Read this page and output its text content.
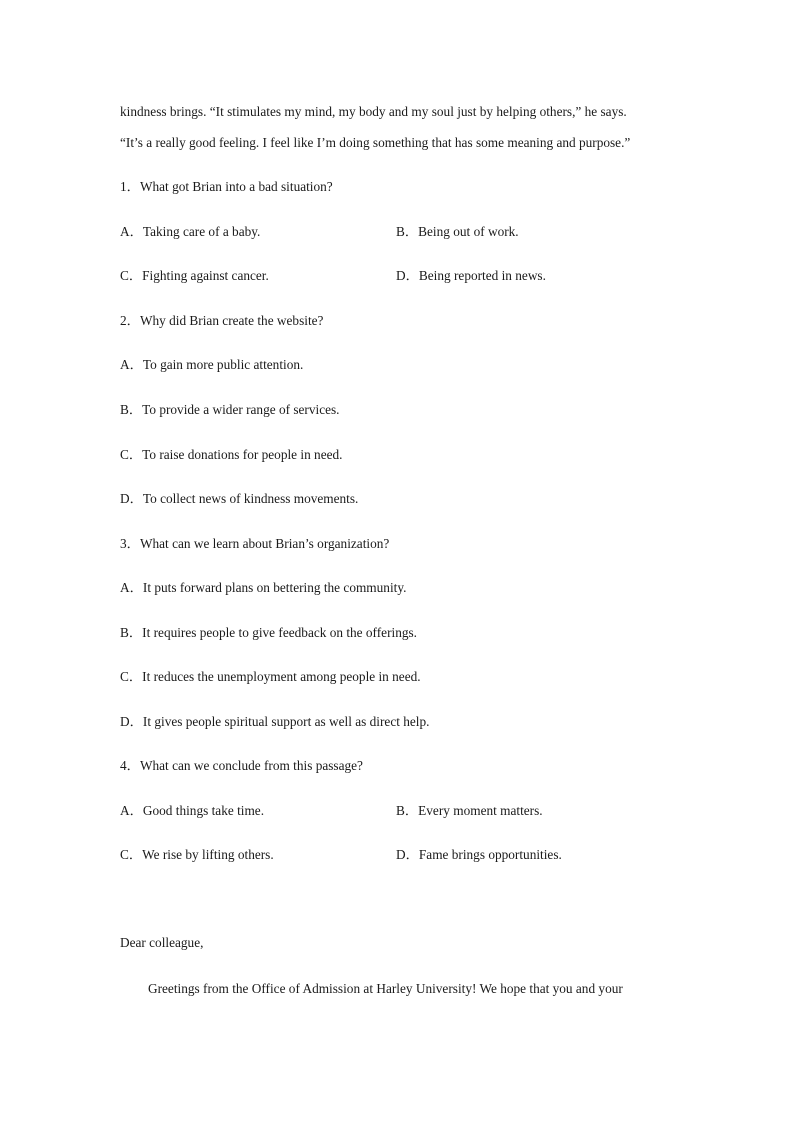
kindness brings. “It stimulates my mind, my body and my soul just by helping others,” he says.
“It’s a really good feeling. I feel like I’m doing something that has some meaning and purpose.”
1．What got Brian into a bad situation?
A．Taking care of a baby.	B．Being out of work.
C．Fighting against cancer.	D．Being reported in news.
2．Why did Brian create the website?
A．To gain more public attention.
B．To provide a wider range of services.
C．To raise donations for people in need.
D．To collect news of kindness movements.
3．What can we learn about Brian’s organization?
A．It puts forward plans on bettering the community.
B．It requires people to give feedback on the offerings.
C．It reduces the unemployment among people in need.
D．It gives people spiritual support as well as direct help.
4．What can we conclude from this passage?
A．Good things take time.	B．Every moment matters.
C．We rise by lifting others.	D．Fame brings opportunities.
Dear colleague,
Greetings from the Office of Admission at Harley University! We hope that you and your
